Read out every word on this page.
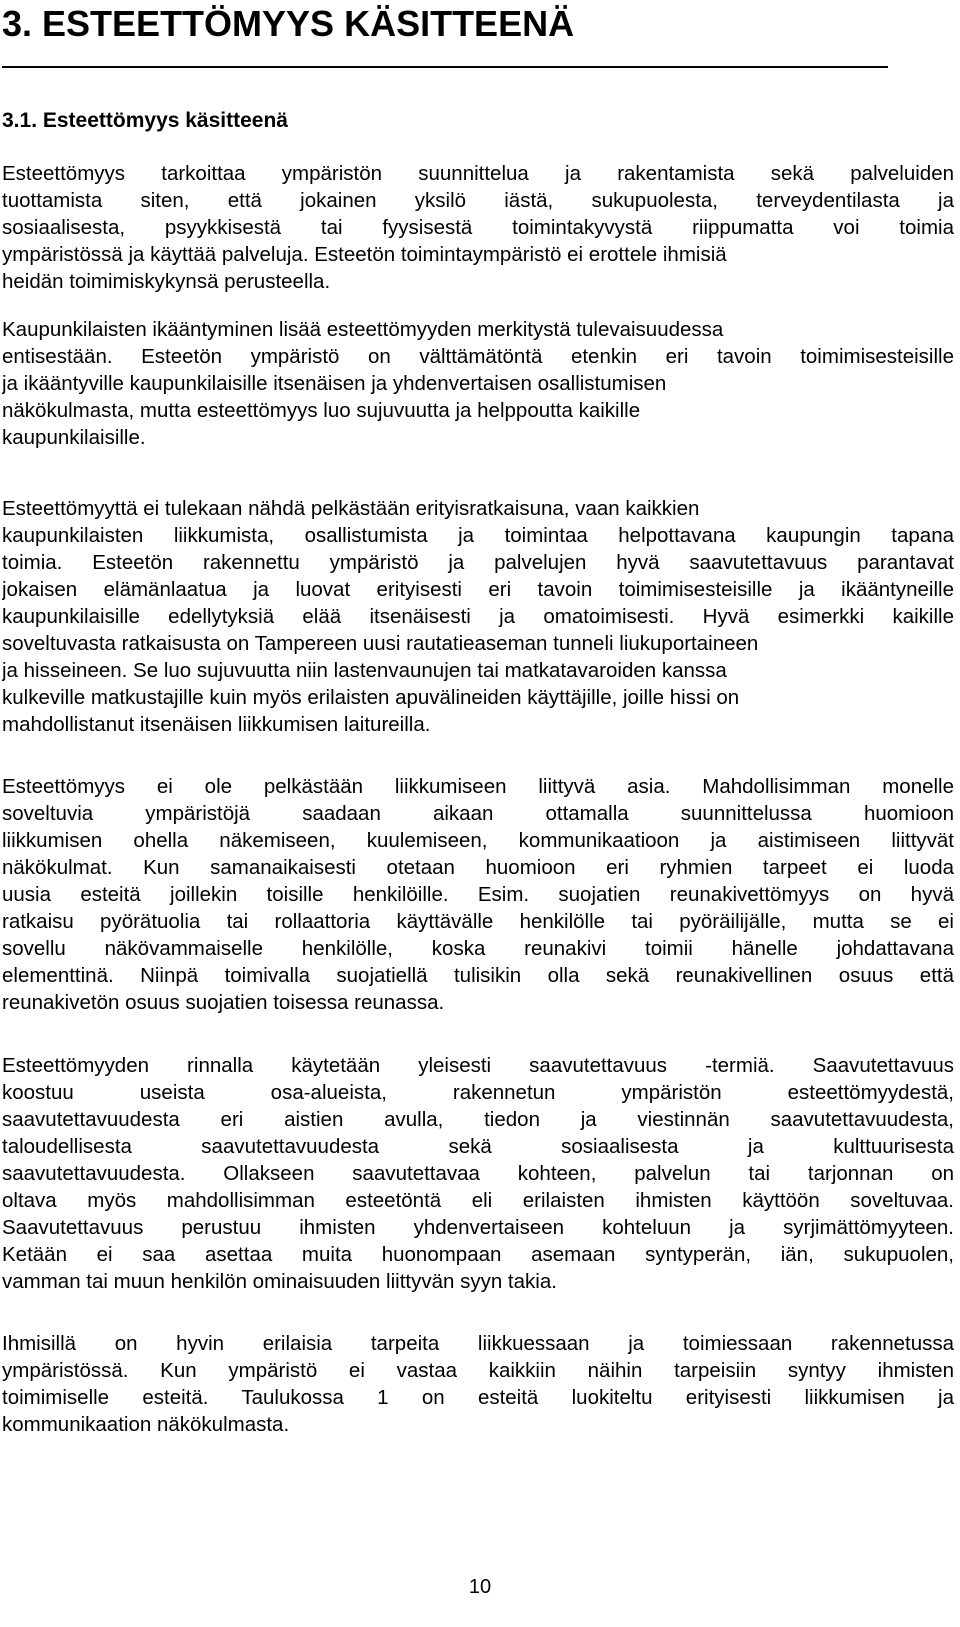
3. ESTEETTÖMYYS KÄSITTEENÄ
3.1. Esteettömyys käsitteenä
Esteettömyys tarkoittaa ympäristön suunnittelua ja rakentamista sekä palveluiden
tuottamista siten, että jokainen yksilö iästä, sukupuolesta, terveydentilasta ja
sosiaalisesta, psyykkisestä tai fyysisestä toimintakyvystä riippumatta voi toimia
ympäristössä ja käyttää palveluja. Esteetön toimintaympäristö ei erottele ihmisiä
heidän toimimiskykynsä perusteella.
Kaupunkilaisten ikääntyminen lisää esteettömyyden merkitystä tulevaisuudessa
entisestään. Esteetön ympäristö on välttämätöntä etenkin eri tavoin toimimisesteisille
ja ikääntyville kaupunkilaisille itsenäisen ja yhdenvertaisen osallistumisen
näkökulmasta, mutta esteettömyys luo sujuvuutta ja helppoutta kaikille
kaupunkilaisille.
Esteettömyyttä ei tulekaan nähdä pelkästään erityisratkaisuna, vaan kaikkien
kaupunkilaisten liikkumista, osallistumista ja toimintaa helpottavana kaupungin tapana
toimia. Esteetön rakennettu ympäristö ja palvelujen hyvä saavutettavuus parantavat
jokaisen elämänlaatua ja luovat erityisesti eri tavoin toimimisesteisille ja ikääntyneille
kaupunkilaisille edellytyksiä elää itsenäisesti ja omatoimisesti. Hyvä esimerkki kaikille
soveltuvasta ratkaisusta on Tampereen uusi rautatieaseman tunneli liukuportaineen
ja hisseineen. Se luo sujuvuutta niin lastenvaunujen tai matkatavaroiden kanssa
kulkeville matkustajille kuin myös erilaisten apuvälineiden käyttäjille, joille hissi on
mahdollistanut itsenäisen liikkumisen laitureilla.
Esteettömyys ei ole pelkästään liikkumiseen liittyvä asia. Mahdollisimman monelle
soveltuvia ympäristöjä saadaan aikaan ottamalla suunnittelussa huomioon
liikkumisen ohella näkemiseen, kuulemiseen, kommunikaatioon ja aistimiseen liittyvät
näkökulmat. Kun samanaikaisesti otetaan huomioon eri ryhmien tarpeet ei luoda
uusia esteitä joillekin toisille henkilöille. Esim. suojatien reunakivettömyys on hyvä
ratkaisu pyörätuolia tai rollaattoria käyttävälle henkilölle tai pyöräilijälle, mutta se ei
sovellu näkövammaiselle henkilölle, koska reunakivi toimii hänelle johdattavana
elementtinä. Niinpä toimivalla suojatiellä tulisikin olla sekä reunakivellinen osuus että
reunakivetön osuus suojatien toisessa reunassa.
Esteettömyyden rinnalla käytetään yleisesti saavutettavuus -termiä. Saavutettavuus
koostuu useista osa-alueista, rakennetun ympäristön esteettömyydestä,
saavutettavuudesta eri aistien avulla, tiedon ja viestinnän saavutettavuudesta,
taloudellisesta saavutettavuudesta sekä sosiaalisesta ja kulttuurisesta
saavutettavuudesta. Ollakseen saavutettavaa kohteen, palvelun tai tarjonnan on
oltava myös mahdollisimman esteetöntä eli erilaisten ihmisten käyttöön soveltuvaa.
Saavutettavuus perustuu ihmisten yhdenvertaiseen kohteluun ja syrjimättömyyteen.
Ketään ei saa asettaa muita huonompaan asemaan syntyperän, iän, sukupuolen,
vamman tai muun henkilön ominaisuuden liittyvän syyn takia.
Ihmisillä on hyvin erilaisia tarpeita liikkuessaan ja toimiessaan rakennetussa
ympäristössä. Kun ympäristö ei vastaa kaikkiin näihin tarpeisiin syntyy ihmisten
toimimiselle esteitä. Taulukossa 1 on esteitä luokiteltu erityisesti liikkumisen ja
kommunikaation näkökulmasta.
10
